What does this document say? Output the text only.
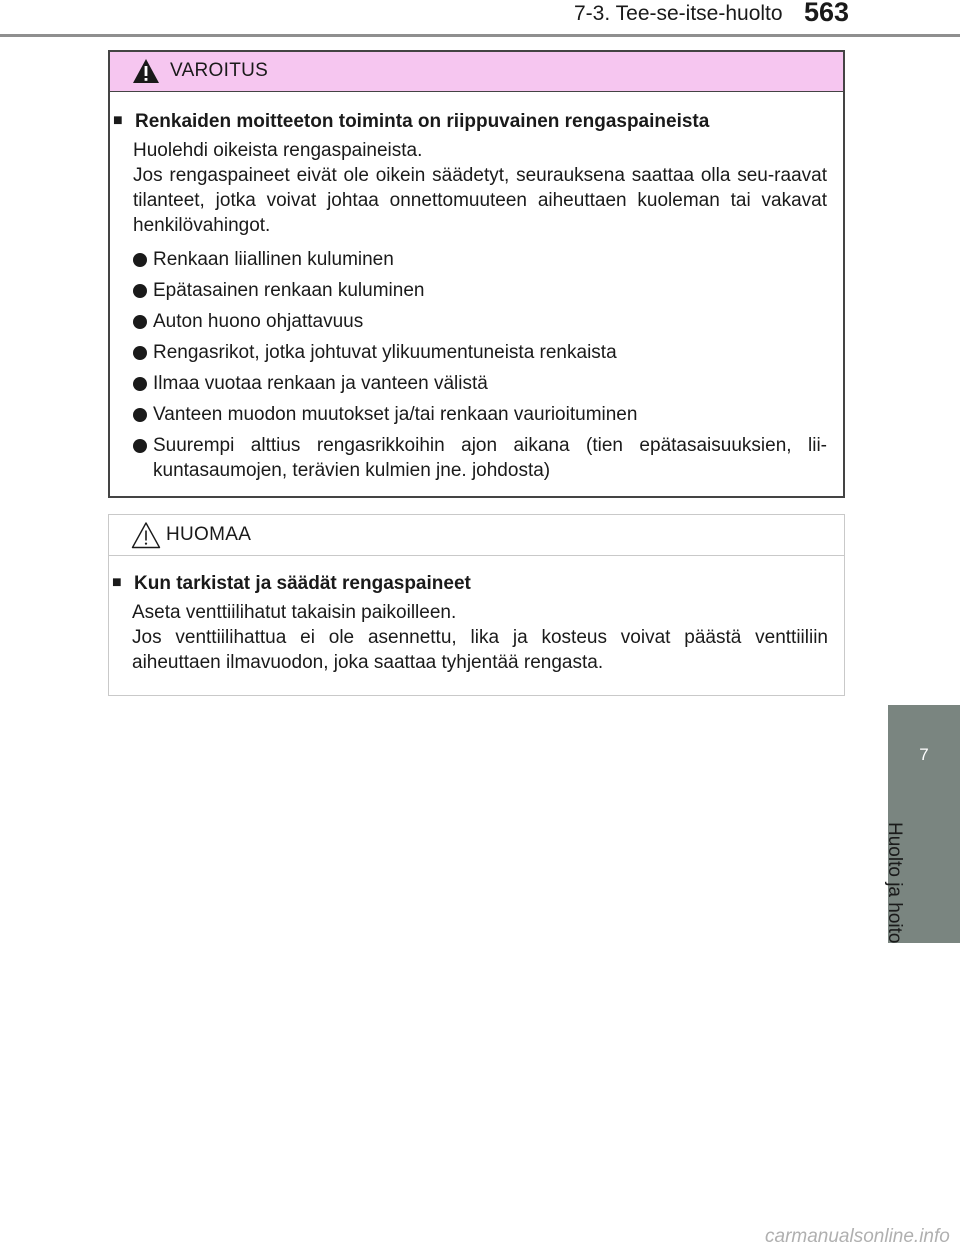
7-3. Tee-se-itse-huolto 563
7
Huolto ja hoito
VAROITUS
■ Renkaiden moitteeton toiminta on riippuvainen rengaspaineista

Huolehdi oikeista rengaspaineista.

Jos rengaspaineet eivät ole oikein säädetyt, seurauksena saattaa olla seu-raavat tilanteet, jotka voivat johtaa onnettomuuteen aiheuttaen kuoleman tai vakavat henkilövahingot.

Renkaan liiallinen kuluminen
Epätasainen renkaan kuluminen
Auton huono ohjattavuus
Rengasrikot, jotka johtuvat ylikuumentuneista renkaista
Ilmaa vuotaa renkaan ja vanteen välistä
Vanteen muodon muutokset ja/tai renkaan vaurioituminen
Suurempi alttius rengasrikkoihin ajon aikana (tien epätasaisuuksien, lii-kuntasaumojen, terävien kulmien jne. johdosta)
HUOMAA
■ Kun tarkistat ja säädät rengaspaineet

Aseta venttiilihatut takaisin paikoilleen.

Jos venttiilihattua ei ole asennettu, lika ja kosteus voivat päästä venttiiliin aiheuttaen ilmavuodon, joka saattaa tyhjentää rengasta.

carmanualsonline.info
